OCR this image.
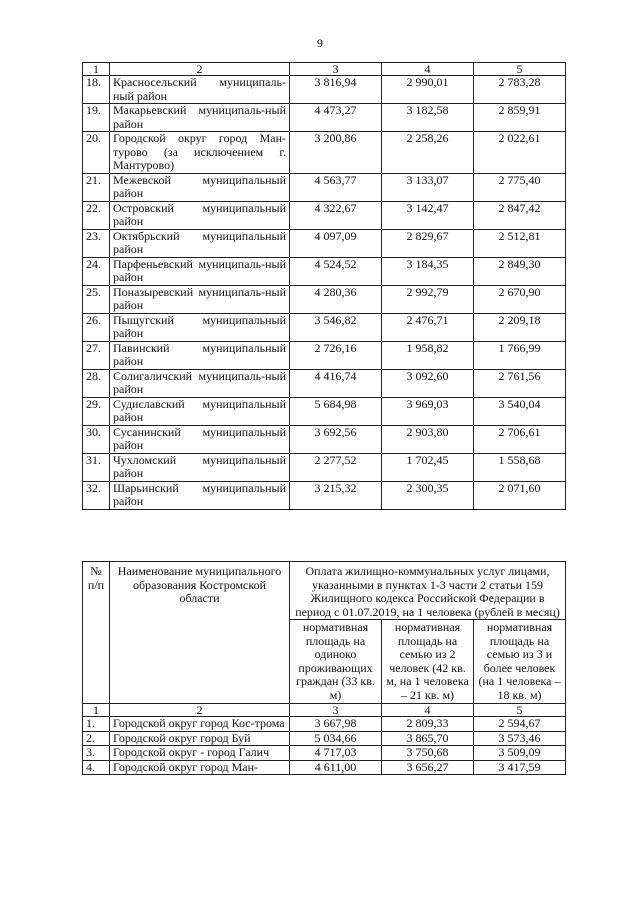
9
1	2	3	4	5
18.	Красносельский муниципаль-ный район	3 816,94	2 990,01	2 783,28
19.	Макарьевский муниципаль-ный район	4 473,27	3 182,58	2 859,91
20.	Городской округ город Ман-турово (за исключением г. Мантурово)	3 200,86	2 258,26	2 022,61
21.	Межевской муниципальный район	4 563,77	3 133,07	2 775,40
22.	Островский муниципальный район	4 322,67	3 142,47	2 847,42
23.	Октябрьский муниципальный район	4 097,09	2 829,67	2 512,81
24.	Парфеньевский муниципаль-ный район	4 524,52	3 184,35	2 849,30
25.	Поназыревский муниципаль-ный район	4 280,36	2 992,79	2 670,90
26.	Пыщугский муниципальный район	3 546,82	2 476,71	2 209,18
27.	Павинский муниципальный район	2 726,16	1 958,82	1 766,99
28.	Солигаличский муниципаль-ный район	4 416,74	3 092,60	2 761,56
29.	Судиславский муниципальный район	5 684,98	3 969,03	3 540,04
30.	Сусанинский муниципальный район	3 692,56	2 903,80	2 706,61
31.	Чухломский муниципальный район	2 277,52	1 702,45	1 558,68
32.	Шарьинский муниципальный район	3 215,32	2 300,35	2 071,60
№ п/п	Наименование муниципального образования Костромской области	Оплата жилищно-коммунальных услуг лицами, указанными в пунктах 1-3 части 2 статьи 159 Жилищного кодекса Российской Федерации в период с 01.07.2019, на 1 человека (рублей в месяц)		
		нормативная площадь на одиноко проживающих граждан (33 кв. м)	нормативная площадь на семью из 2 человек (42 кв. м, на 1 человека – 21 кв. м)	нормативная площадь на семью из 3 и более человек (на 1 человека – 18 кв. м)
1	2	3	4	5
1.	Городской округ город Кос-трома	3 667,98	2 809,33	2 594,67
2.	Городской округ город Буй	5 034,66	3 865,70	3 573,46
3.	Городской округ - город Галич	4 717,03	3 750,68	3 509,09
4.	Городской округ город Ман-	4 611,00	3 656,27	3 417,59
